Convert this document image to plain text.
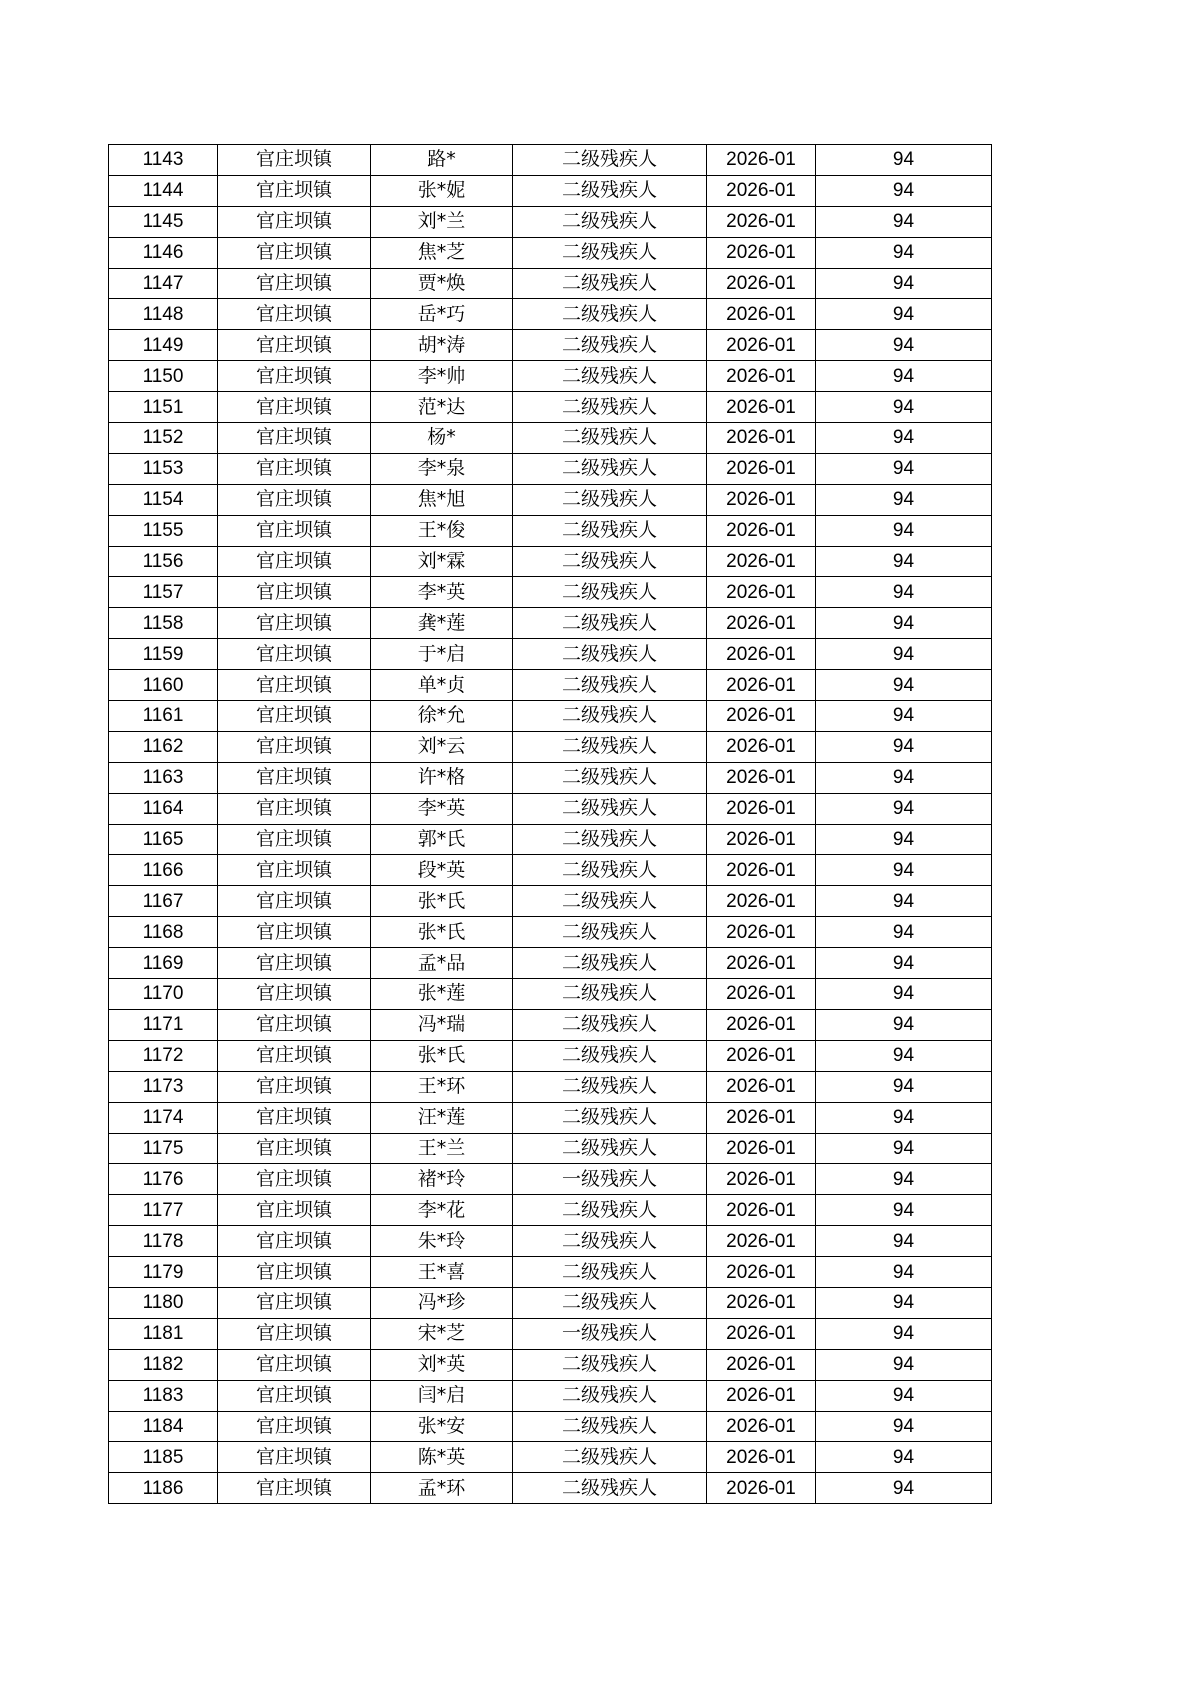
1143	官庄坝镇	路*	二级残疾人	2026-01	94
1144	官庄坝镇	张*妮	二级残疾人	2026-01	94
1145	官庄坝镇	刘*兰	二级残疾人	2026-01	94
1146	官庄坝镇	焦*芝	二级残疾人	2026-01	94
1147	官庄坝镇	贾*焕	二级残疾人	2026-01	94
1148	官庄坝镇	岳*巧	二级残疾人	2026-01	94
1149	官庄坝镇	胡*涛	二级残疾人	2026-01	94
1150	官庄坝镇	李*帅	二级残疾人	2026-01	94
1151	官庄坝镇	范*达	二级残疾人	2026-01	94
1152	官庄坝镇	杨*	二级残疾人	2026-01	94
1153	官庄坝镇	李*泉	二级残疾人	2026-01	94
1154	官庄坝镇	焦*旭	二级残疾人	2026-01	94
1155	官庄坝镇	王*俊	二级残疾人	2026-01	94
1156	官庄坝镇	刘*霖	二级残疾人	2026-01	94
1157	官庄坝镇	李*英	二级残疾人	2026-01	94
1158	官庄坝镇	龚*莲	二级残疾人	2026-01	94
1159	官庄坝镇	于*启	二级残疾人	2026-01	94
1160	官庄坝镇	单*贞	二级残疾人	2026-01	94
1161	官庄坝镇	徐*允	二级残疾人	2026-01	94
1162	官庄坝镇	刘*云	二级残疾人	2026-01	94
1163	官庄坝镇	许*格	二级残疾人	2026-01	94
1164	官庄坝镇	李*英	二级残疾人	2026-01	94
1165	官庄坝镇	郭*氏	二级残疾人	2026-01	94
1166	官庄坝镇	段*英	二级残疾人	2026-01	94
1167	官庄坝镇	张*氏	二级残疾人	2026-01	94
1168	官庄坝镇	张*氏	二级残疾人	2026-01	94
1169	官庄坝镇	孟*品	二级残疾人	2026-01	94
1170	官庄坝镇	张*莲	二级残疾人	2026-01	94
1171	官庄坝镇	冯*瑞	二级残疾人	2026-01	94
1172	官庄坝镇	张*氏	二级残疾人	2026-01	94
1173	官庄坝镇	王*环	二级残疾人	2026-01	94
1174	官庄坝镇	汪*莲	二级残疾人	2026-01	94
1175	官庄坝镇	王*兰	二级残疾人	2026-01	94
1176	官庄坝镇	褚*玲	一级残疾人	2026-01	94
1177	官庄坝镇	李*花	二级残疾人	2026-01	94
1178	官庄坝镇	朱*玲	二级残疾人	2026-01	94
1179	官庄坝镇	王*喜	二级残疾人	2026-01	94
1180	官庄坝镇	冯*珍	二级残疾人	2026-01	94
1181	官庄坝镇	宋*芝	一级残疾人	2026-01	94
1182	官庄坝镇	刘*英	二级残疾人	2026-01	94
1183	官庄坝镇	闫*启	二级残疾人	2026-01	94
1184	官庄坝镇	张*安	二级残疾人	2026-01	94
1185	官庄坝镇	陈*英	二级残疾人	2026-01	94
1186	官庄坝镇	孟*环	二级残疾人	2026-01	94
